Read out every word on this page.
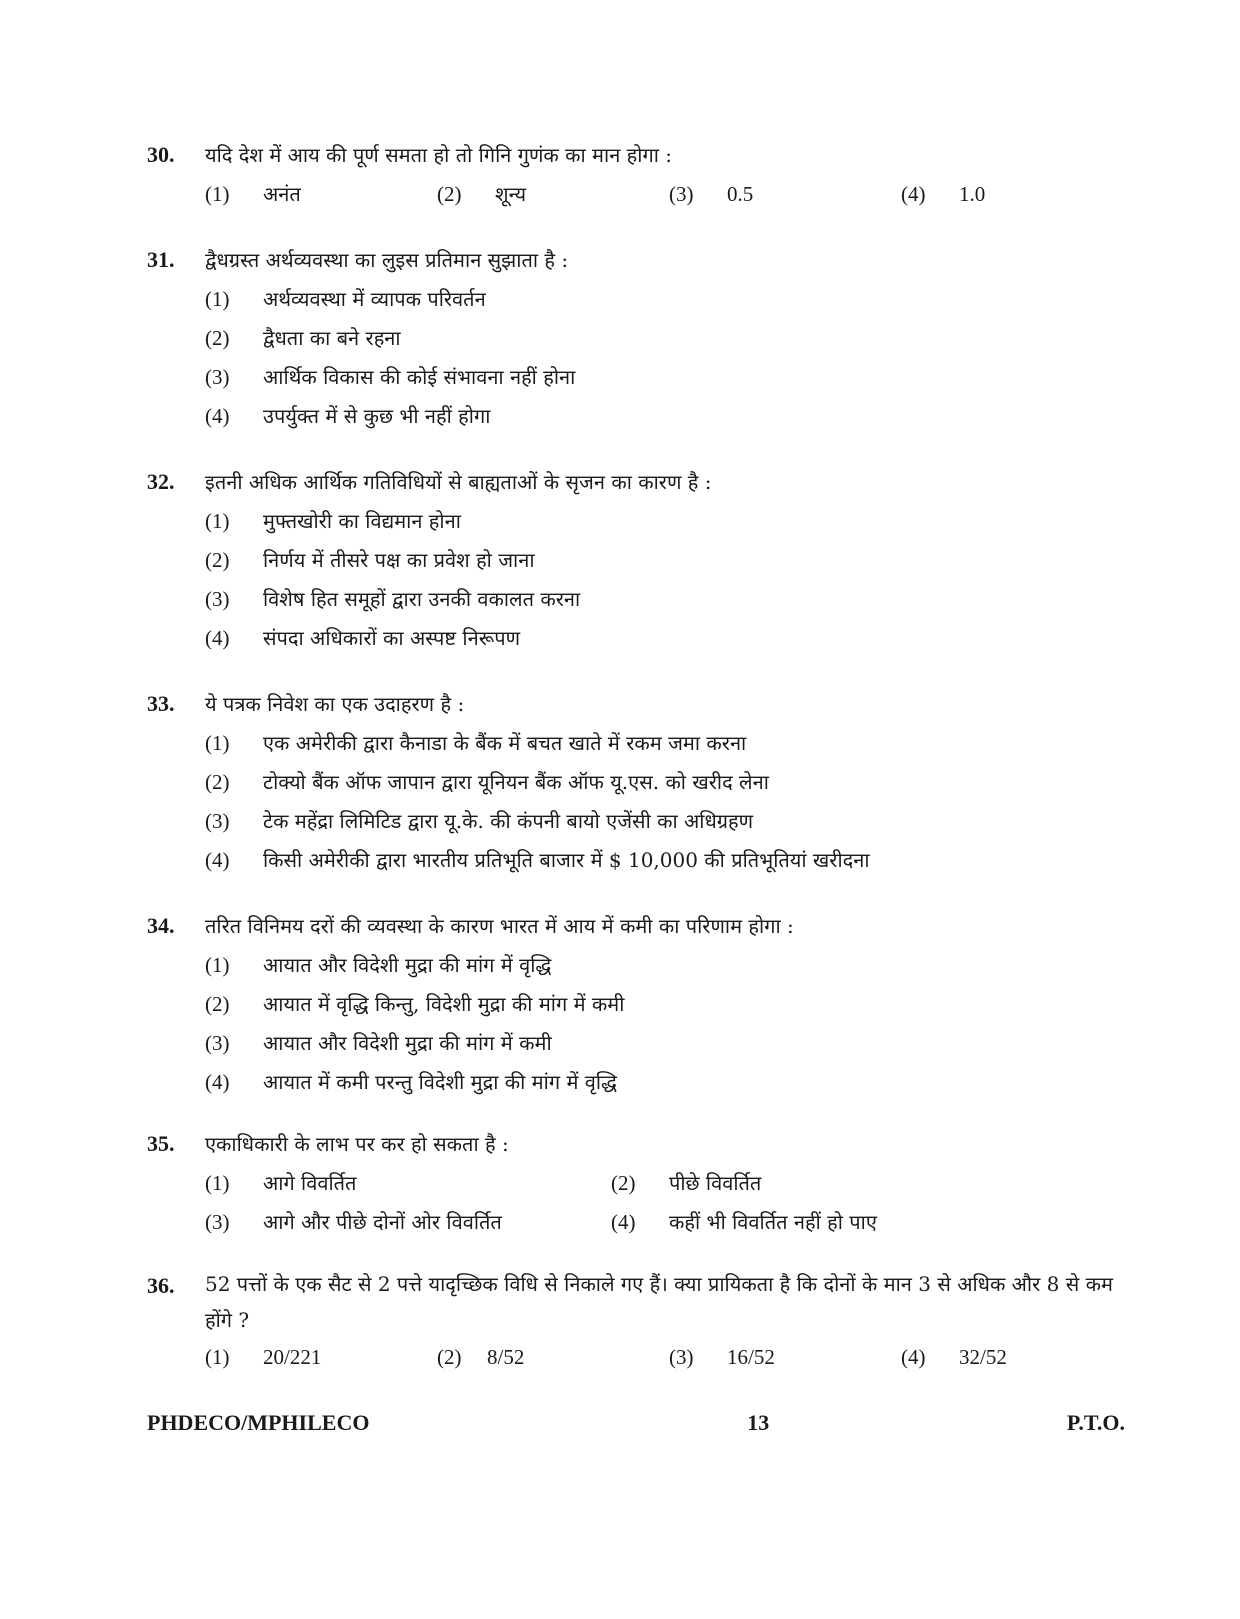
30.	यदि देश में आय की पूर्ण समता हो तो गिनि गुणंक का मान होगा :
(1)	अनंत	(2)	शून्य	(3)	0.5	(4)	1.0
31.	द्वैधग्रस्त अर्थव्यवस्था का लुइस प्रतिमान सुझाता है :
(1)	अर्थव्यवस्था में व्यापक परिवर्तन
(2)	द्वैधता का बने रहना
(3)	आर्थिक विकास की कोई संभावना नहीं होना
(4)	उपर्युक्त में से कुछ भी नहीं होगा
32.	इतनी अधिक आर्थिक गतिविधियों से बाह्यताओं के सृजन का कारण है :
(1)	मुफ्तखोरी का विद्यमान होना
(2)	निर्णय में तीसरे पक्ष का प्रवेश हो जाना
(3)	विशेष हित समूहों द्वारा उनकी वकालत करना
(4)	संपदा अधिकारों का अस्पष्ट निरूपण
33.	ये पत्रक निवेश का एक उदाहरण है :
(1)	एक अमेरीकी द्वारा कैनाडा के बैंक में बचत खाते में रकम जमा करना
(2)	टोक्यो बैंक ऑफ जापान द्वारा यूनियन बैंक ऑफ यू.एस. को खरीद लेना
(3)	टेक महेंद्रा लिमिटिड द्वारा यू.के. की कंपनी बायो एजेंसी का अधिग्रहण
(4)	किसी अमेरीकी द्वारा भारतीय प्रतिभूति बाजार में $ 10,000 की प्रतिभूतियां खरीदना
34.	तरित विनिमय दरों की व्यवस्था के कारण भारत में आय में कमी का परिणाम होगा :
(1)	आयात और विदेशी मुद्रा की मांग में वृद्धि
(2)	आयात में वृद्धि किन्तु, विदेशी मुद्रा की मांग में कमी
(3)	आयात और विदेशी मुद्रा की मांग में कमी
(4)	आयात में कमी परन्तु विदेशी मुद्रा की मांग में वृद्धि
35.	एकाधिकारी के लाभ पर कर हो सकता है :
(1)	आगे विवर्तित	(2)	पीछे विवर्तित
(3)	आगे और पीछे दोनों ओर विवर्तित	(4)	कहीं भी विवर्तित नहीं हो पाए
36.	52 पत्तों के एक सैट से 2 पत्ते यादृच्छिक विधि से निकाले गए हैं। क्या प्रायिकता है कि दोनों के मान 3 से अधिक और 8 से कम होंगे ?
(1)	20/221	(2)	8/52	(3)	16/52	(4)	32/52
PHDECO/MPHILECO	13	P.T.O.
